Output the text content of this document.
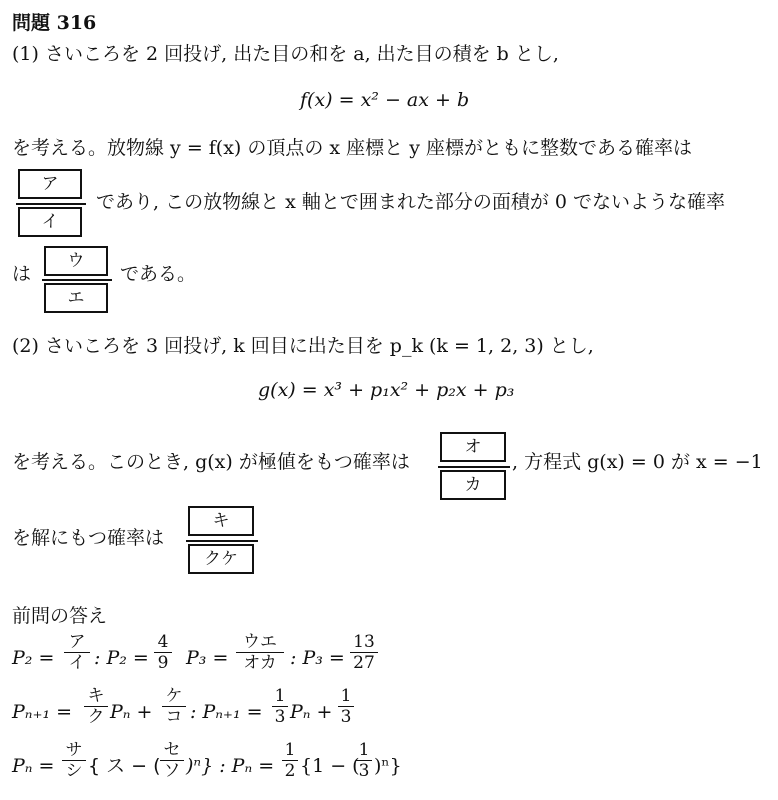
問題 316
(1) さいころを 2 回投げ, 出た目の和を a, 出た目の積を b とし,
f(x) = x² − ax + b
を考える。放物線 y = f(x) の頂点の x 座標と y 座標がともに整数である確率は
ア
イ
であり, この放物線と x 軸とで囲まれた部分の面積が 0 でないような確率
は
ウ
エ
である。
(2) さいころを 3 回投げ, k 回目に出た目を p_k (k = 1, 2, 3) とし,
g(x) = x³ + p₁x² + p₂x + p₃
を考える。このとき, g(x) が極値をもつ確率は
オ
カ
, 方程式 g(x) = 0 が x = −1
を解にもつ確率は
キ
クケ
前問の答え
P₂ =
ア
イ : $P_2 = \frac{4}{9} P_3$ =
ウエ
オカ : $P_3 = \frac{13}{27}$
Pₙ₊₁ =
キ
ク Pₙ +
ケ
コ : $P_{n+1} = \frac{1}{3}$ $P_n + \frac{1}{3}$
Pₙ =
サ
シ { ス − (
セ
ソ )ⁿ} : $P_n = \frac{1}{2} \{1$ − (
$\frac{1}{3} )^n$}
